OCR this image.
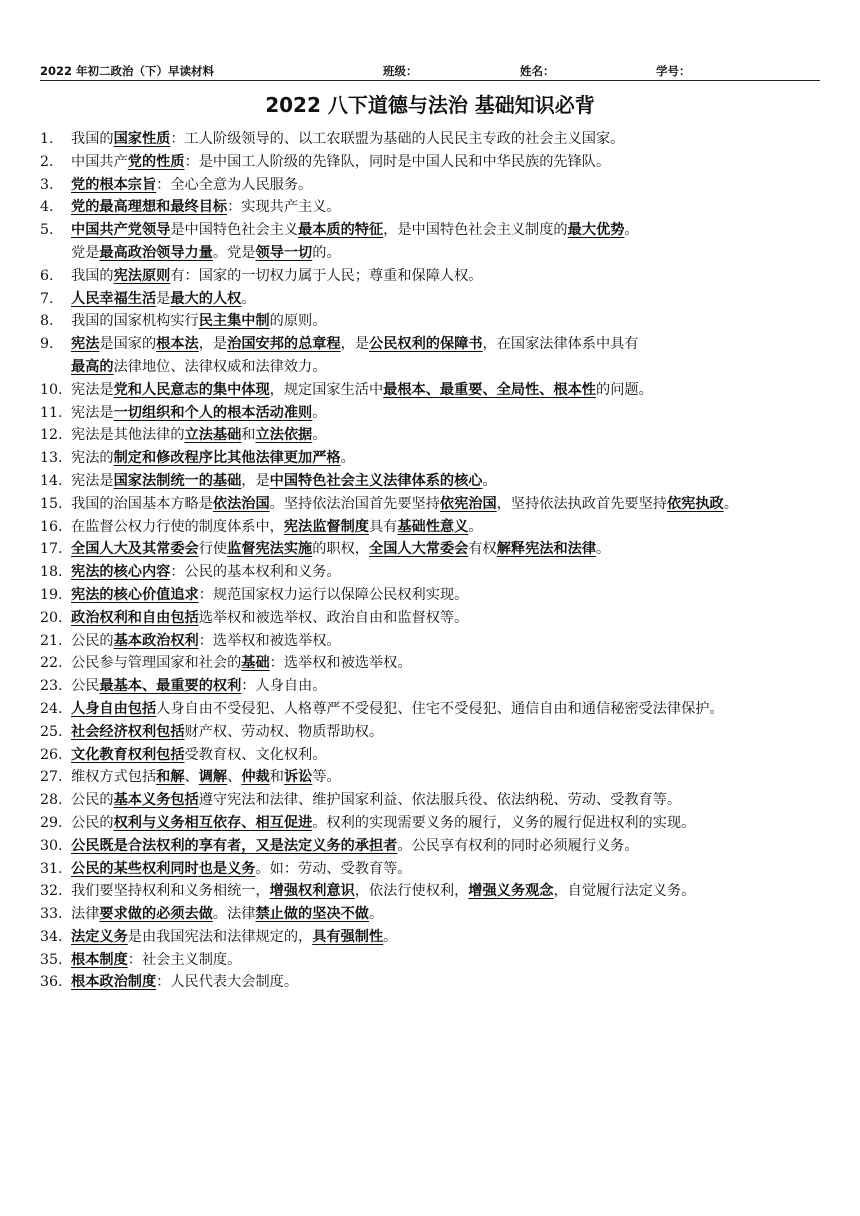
2022 年初二政治（下）早读材料	班级：	姓名：	学号：
2022 八下道德与法治 基础知识必背
1.	我国的国家性质：工人阶级领导的、以工农联盟为基础的人民民主专政的社会主义国家。
2.	中国共产党的性质：是中国工人阶级的先锋队，同时是中国人民和中华民族的先锋队。
3.	党的根本宗旨：全心全意为人民服务。
4.	党的最高理想和最终目标：实现共产主义。
5.	中国共产党领导是中国特色社会主义最本质的特征，是中国特色社会主义制度的最大优势。
党是最高政治领导力量。党是领导一切的。
6.	我国的宪法原则有：国家的一切权力属于人民；尊重和保障人权。
7.	人民幸福生活是最大的人权。
8.	我国的国家机构实行民主集中制的原则。
9.	宪法是国家的根本法，是治国安邦的总章程，是公民权利的保障书，在国家法律体系中具有
最高的法律地位、法律权威和法律效力。
10. 宪法是党和人民意志的集中体现，规定国家生活中最根本、最重要、全局性、根本性的问题。
11. 宪法是一切组织和个人的根本活动准则。
12. 宪法是其他法律的立法基础和立法依据。
13. 宪法的制定和修改程序比其他法律更加严格。
14. 宪法是国家法制统一的基础，是中国特色社会主义法律体系的核心。
15. 我国的治国基本方略是依法治国。坚持依法治国首先要坚持依宪治国，坚持依法执政首先要坚持依宪执政。
16. 在监督公权力行使的制度体系中，宪法监督制度具有基础性意义。
17. 全国人大及其常委会行使监督宪法实施的职权，全国人大常委会有权解释宪法和法律。
18. 宪法的核心内容：公民的基本权利和义务。
19. 宪法的核心价值追求：规范国家权力运行以保障公民权利实现。
20. 政治权利和自由包括选举权和被选举权、政治自由和监督权等。
21. 公民的基本政治权利：选举权和被选举权。
22. 公民参与管理国家和社会的基础：选举权和被选举权。
23. 公民最基本、最重要的权利：人身自由。
24. 人身自由包括人身自由不受侵犯、人格尊严不受侵犯、住宅不受侵犯、通信自由和通信秘密受法律保护。
25. 社会经济权利包括财产权、劳动权、物质帮助权。
26. 文化教育权利包括受教育权、文化权利。
27. 维权方式包括和解、调解、仲裁和诉讼等。
28. 公民的基本义务包括遵守宪法和法律、维护国家利益、依法服兵役、依法纳税、劳动、受教育等。
29. 公民的权利与义务相互依存、相互促进。权利的实现需要义务的履行，义务的履行促进权利的实现。
30. 公民既是合法权利的享有者，又是法定义务的承担者。公民享有权利的同时必须履行义务。
31. 公民的某些权利同时也是义务。如：劳动、受教育等。
32. 我们要坚持权利和义务相统一，增强权利意识，依法行使权利，增强义务观念，自觉履行法定义务。
33. 法律要求做的必须去做。法律禁止做的坚决不做。
34. 法定义务是由我国宪法和法律规定的，具有强制性。
35. 根本制度：社会主义制度。
36. 根本政治制度：人民代表大会制度。
